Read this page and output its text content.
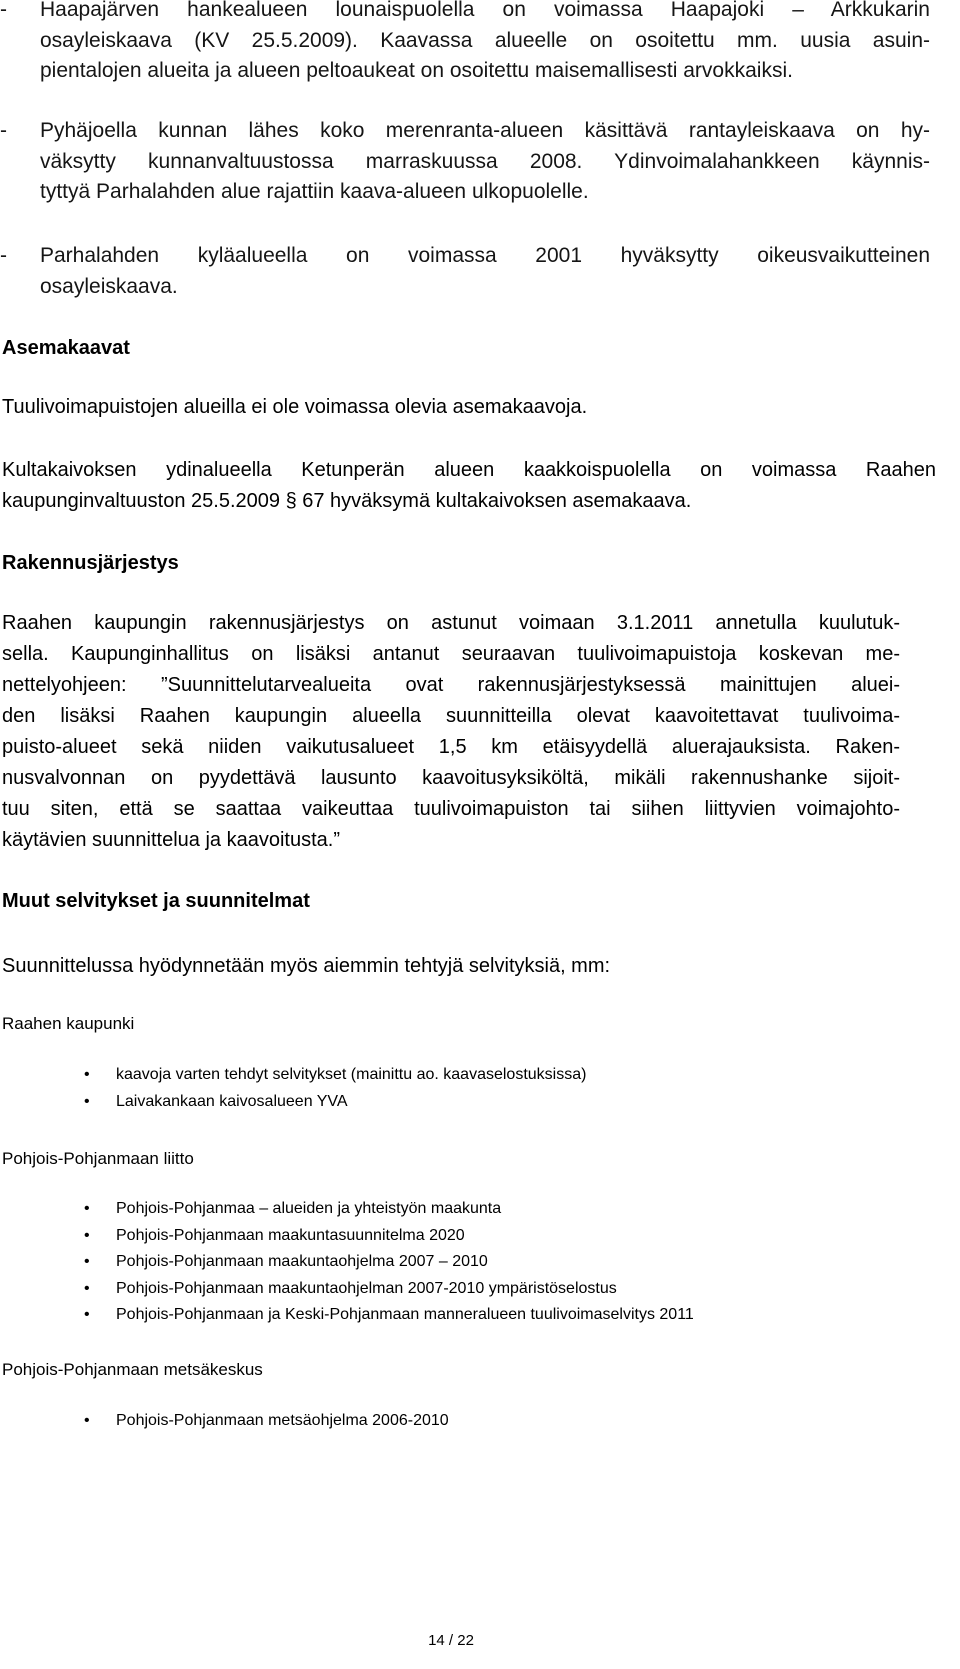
- Haapajärven hankealueen lounaispuolella on voimassa Haapajoki – Arkkukarin
osayleiskaava (KV 25.5.2009). Kaavassa alueelle on osoitettu mm. uusia asuin-
pientalojen alueita ja alueen peltoaukeat on osoitettu maisemallisesti arvokkaiksi.
- Pyhäjoella kunnan lähes koko merenranta-alueen käsittävä rantayleiskaava on hy-
väksytty kunnanvaltuustossa marraskuussa 2008. Ydinvoimalahankkeen käynnis-
tyttyä Parhalahden alue rajattiin kaava-alueen ulkopuolelle.
- Parhalahden kyläalueella on voimassa 2001 hyväksytty oikeusvaikutteinen
osayleiskaava.
Asemakaavat
Tuulivoimapuistojen alueilla ei ole voimassa olevia asemakaavoja.
Kultakaivoksen ydinalueella Ketunperän alueen kaakkoispuolella on voimassa Raahen
kaupunginvaltuuston 25.5.2009 § 67 hyväksymä kultakaivoksen asemakaava.
Rakennusjärjestys
Raahen kaupungin rakennusjärjestys on astunut voimaan 3.1.2011 annetulla kuulutuk-
sella. Kaupunginhallitus on lisäksi antanut seuraavan tuulivoimapuistoja koskevan me-
nettelyohjeen: ”Suunnittelutarvealueita ovat rakennusjärjestyksessä mainittujen aluei-
den lisäksi Raahen kaupungin alueella suunnitteilla olevat kaavoitettavat tuulivoima-
puisto-alueet sekä niiden vaikutusalueet 1,5 km etäisyydellä aluerajauksista. Raken-
nusvalvonnan on pyydettävä lausunto kaavoitusyksiköltä, mikäli rakennushanke sijoit-
tuu siten, että se saattaa vaikeuttaa tuulivoimapuiston tai siihen liittyvien voimajohto-
käytävien suunnittelua ja kaavoitusta.”
Muut selvitykset ja suunnitelmat
Suunnittelussa hyödynnetään myös aiemmin tehtyjä selvityksiä, mm:
Raahen kaupunki
• kaavoja varten tehdyt selvitykset (mainittu ao. kaavaselostuksissa)
• Laivakankaan kaivosalueen YVA
Pohjois-Pohjanmaan liitto
• Pohjois-Pohjanmaa – alueiden ja yhteistyön maakunta
• Pohjois-Pohjanmaan maakuntasuunnitelma 2020
• Pohjois-Pohjanmaan maakuntaohjelma 2007 – 2010
• Pohjois-Pohjanmaan maakuntaohjelman 2007-2010 ympäristöselostus
• Pohjois-Pohjanmaan ja Keski-Pohjanmaan manneralueen tuulivoimaselvitys 2011
Pohjois-Pohjanmaan metsäkeskus
• Pohjois-Pohjanmaan metsäohjelma 2006-2010
14 / 22
